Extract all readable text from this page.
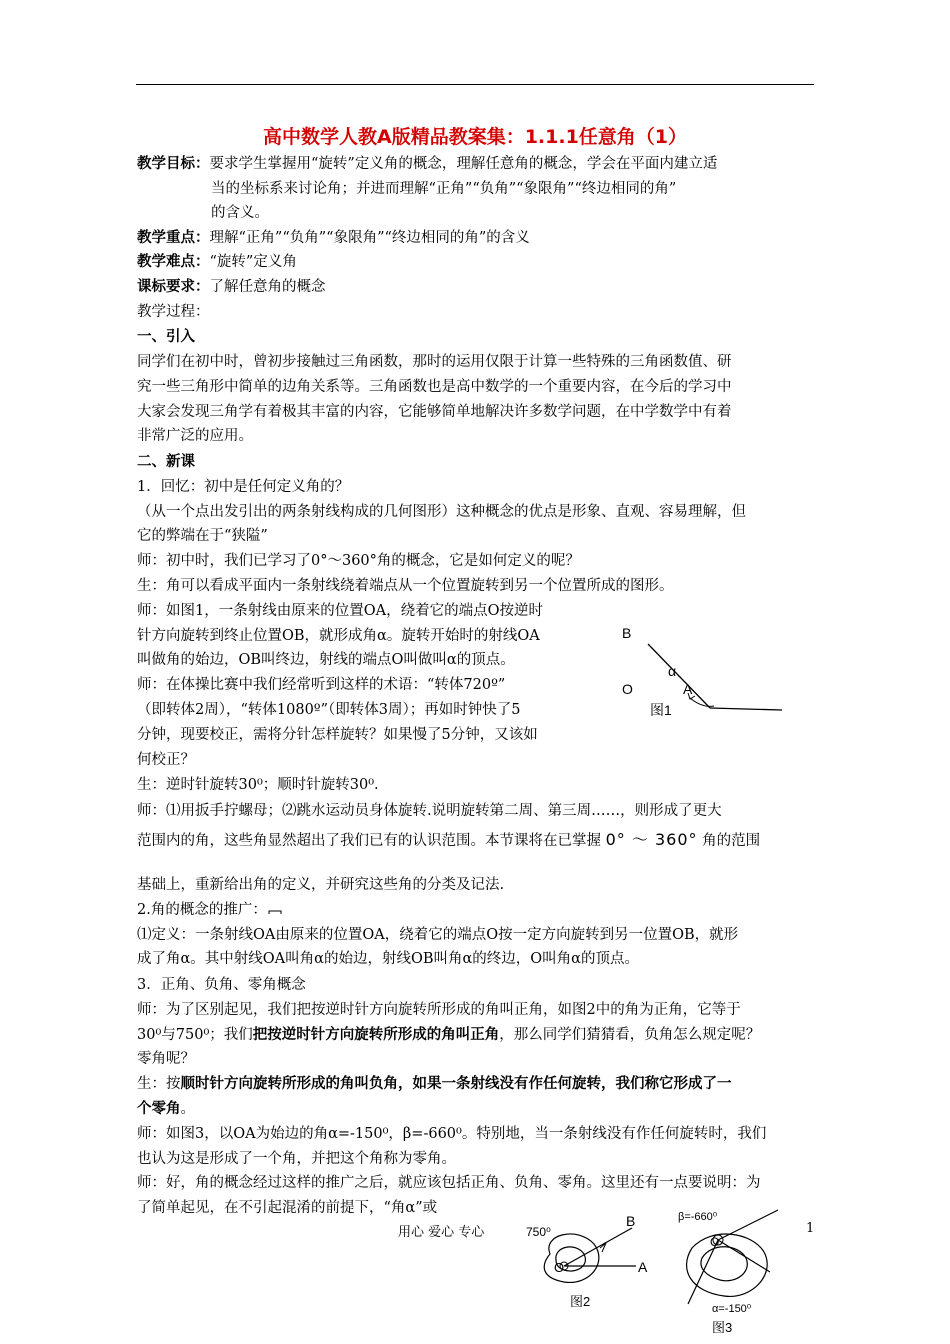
高中数学人教A版精品教案集：1.1.1任意角（1）
教学目标：要求学生掌握用“旋转”定义角的概念，理解任意角的概念，学会在平面内建立适
当的坐标系来讨论角；并进而理解“正角”“负角”“象限角”“终边相同的角”
的含义。
教学重点：理解“正角”“负角”“象限角”“终边相同的角”的含义
教学难点：“旋转”定义角
课标要求：了解任意角的概念
教学过程：
一、引入
同学们在初中时，曾初步接触过三角函数，那时的运用仅限于计算一些特殊的三角函数值、研
究一些三角形中简单的边角关系等。三角函数也是高中数学的一个重要内容，在今后的学习中
大家会发现三角学有着极其丰富的内容，它能够简单地解决许多数学问题，在中学数学中有着
非常广泛的应用。
二、新课
1．回忆：初中是任何定义角的？
（从一个点出发引出的两条射线构成的几何图形）这种概念的优点是形象、直观、容易理解，但
它的弊端在于“狭隘”
师：初中时，我们已学习了0°～360°角的概念，它是如何定义的呢？
生：角可以看成平面内一条射线绕着端点从一个位置旋转到另一个位置所成的图形。
师：如图1，一条射线由原来的位置OA，绕着它的端点O按逆时
针方向旋转到终止位置OB，就形成角α。旋转开始时的射线OA
叫做角的始边，OB叫终边，射线的端点O叫做叫α的顶点。
师：在体操比赛中我们经常听到这样的术语：“转体720º”
（即转体2周），“转体1080º”（即转体3周）；再如时钟快了5
分钟，现要校正，需将分针怎样旋转？如果慢了5分钟，又该如
何校正？
生：逆时针旋转30⁰；顺时针旋转30⁰.
师：⑴用扳手拧螺母；⑵跳水运动员身体旋转.说明旋转第二周、第三周……，则形成了更大
范围内的角，这些角显然超出了我们已有的认识范围。本节课将在已掌握 0° ～ 360° 角的范围
基础上，重新给出角的定义，并研究这些角的分类及记法.
2.角的概念的推广：
⑴定义：一条射线OA由原来的位置OA，绕着它的端点O按一定方向旋转到另一位置OB，就形
成了角α。其中射线OA叫角α的始边，射线OB叫角α的终边，O叫角α的顶点。
3．正角、负角、零角概念
师：为了区别起见，我们把按逆时针方向旋转所形成的角叫正角，如图2中的角为正角，它等于
30⁰与750⁰；我们把按逆时针方向旋转所形成的角叫正角，那么同学们猜猜看，负角怎么规定呢？
零角呢？
生：按顺时针方向旋转所形成的角叫负角，如果一条射线没有作任何旋转，我们称它形成了一
个零角。
师：如图3，以OA为始边的角α=-150⁰，β=-660⁰。特别地，当一条射线没有作任何旋转时，我们
也认为这是形成了一个角，并把这个角称为零角。
师：好，角的概念经过这样的推广之后，就应该包括正角、负角、零角。这里还有一点要说明：为
了简单起见，在不引起混淆的前提下，“角α”或
B
α
O	A
图1
750⁰
B
O	A
图2
β=-660⁰
O
α=-150⁰
图3
用心 爱心 专心	1
